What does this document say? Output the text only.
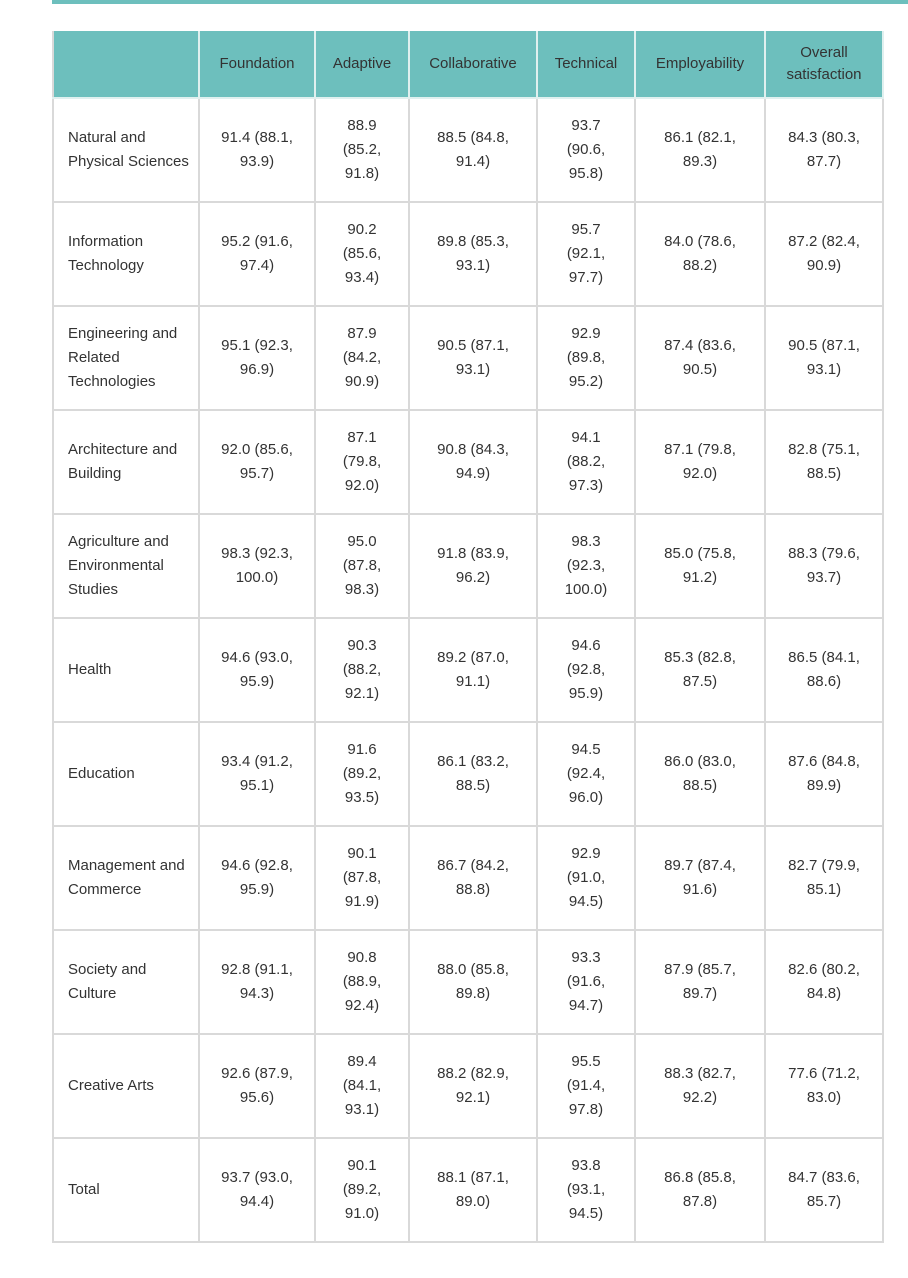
	Foundation	Adaptive	Collaborative	Technical	Employability	Overall satisfaction
Natural and Physical Sciences	91.4 (88.1, 93.9)	88.9 (85.2, 91.8)	88.5 (84.8, 91.4)	93.7 (90.6, 95.8)	86.1 (82.1, 89.3)	84.3 (80.3, 87.7)
Information Technology	95.2 (91.6, 97.4)	90.2 (85.6, 93.4)	89.8 (85.3, 93.1)	95.7 (92.1, 97.7)	84.0 (78.6, 88.2)	87.2 (82.4, 90.9)
Engineering and Related Technologies	95.1 (92.3, 96.9)	87.9 (84.2, 90.9)	90.5 (87.1, 93.1)	92.9 (89.8, 95.2)	87.4 (83.6, 90.5)	90.5 (87.1, 93.1)
Architecture and Building	92.0 (85.6, 95.7)	87.1 (79.8, 92.0)	90.8 (84.3, 94.9)	94.1 (88.2, 97.3)	87.1 (79.8, 92.0)	82.8 (75.1, 88.5)
Agriculture and Environmental Studies	98.3 (92.3, 100.0)	95.0 (87.8, 98.3)	91.8 (83.9, 96.2)	98.3 (92.3, 100.0)	85.0 (75.8, 91.2)	88.3 (79.6, 93.7)
Health	94.6 (93.0, 95.9)	90.3 (88.2, 92.1)	89.2 (87.0, 91.1)	94.6 (92.8, 95.9)	85.3 (82.8, 87.5)	86.5 (84.1, 88.6)
Education	93.4 (91.2, 95.1)	91.6 (89.2, 93.5)	86.1 (83.2, 88.5)	94.5 (92.4, 96.0)	86.0 (83.0, 88.5)	87.6 (84.8, 89.9)
Management and Commerce	94.6 (92.8, 95.9)	90.1 (87.8, 91.9)	86.7 (84.2, 88.8)	92.9 (91.0, 94.5)	89.7 (87.4, 91.6)	82.7 (79.9, 85.1)
Society and Culture	92.8 (91.1, 94.3)	90.8 (88.9, 92.4)	88.0 (85.8, 89.8)	93.3 (91.6, 94.7)	87.9 (85.7, 89.7)	82.6 (80.2, 84.8)
Creative Arts	92.6 (87.9, 95.6)	89.4 (84.1, 93.1)	88.2 (82.9, 92.1)	95.5 (91.4, 97.8)	88.3 (82.7, 92.2)	77.6 (71.2, 83.0)
Total	93.7 (93.0, 94.4)	90.1 (89.2, 91.0)	88.1 (87.1, 89.0)	93.8 (93.1, 94.5)	86.8 (85.8, 87.8)	84.7 (83.6, 85.7)
